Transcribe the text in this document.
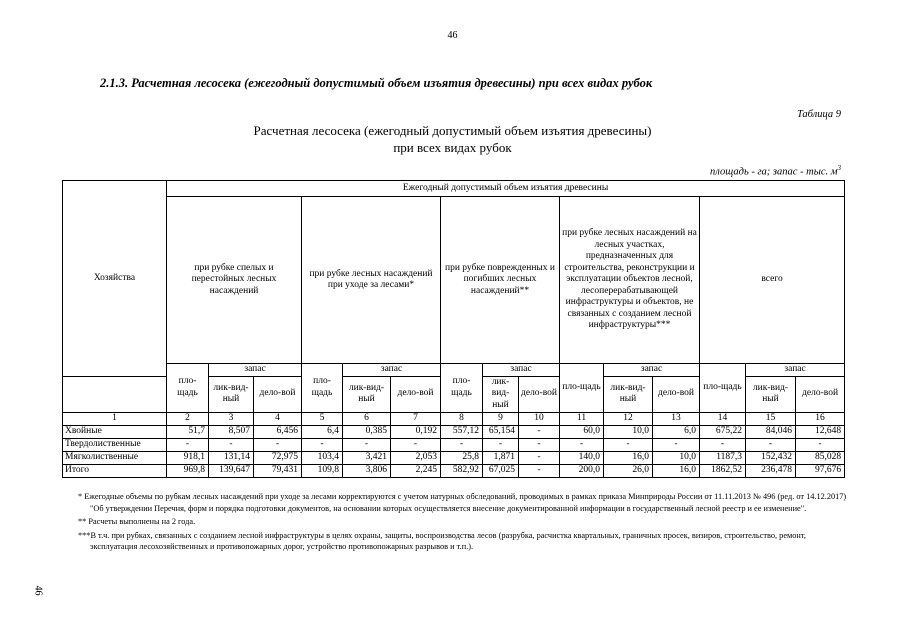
46
46
2.1.3. Расчетная лесосека (ежегодный допустимый объем изъятия древесины) при всех видах рубок
Таблица 9
Расчетная лесосека (ежегодный допустимый объем изъятия древесины)
при всех видах рубок
площадь - га; запас - тыс. $м^3$
Хозяйства	Ежегодный допустимый объем изъятия древесины														
	при рубке спелых и перестойных лесных насаждений			при рубке лесных насаждений при уходе за лесами*			при рубке поврежденных и погибших лесных насаждений**			при рубке лесных насаждений на лесных участках, предназначенных для строительства, реконструкции и эксплуатации объектов лесной, лесоперерабатывающей инфраструктуры и объектов, не связанных с созданием лесной инфраструктуры***			всего		
	пло-щадь	запас		пло-щадь	запас		пло-щадь	запас		пло-щадь	запас		пло-щадь	запас	
		лик-вид-ный	дело-вой		лик-вид-ный	дело-вой		лик-вид-ный	дело-вой		лик-вид-ный	дело-вой		лик-вид-ный	дело-вой
1	2	3	4	5	6	7	8	9	10	11	12	13	14	15	16
Хвойные	51,7	8,507	6,456	6,4	0,385	0,192	557,12	65,154	-	60,0	10,0	6,0	675,22	84,046	12,648
Твердолиственные	-	-	-	-	-	-	-	-	-	-	-	-	-	-	-
Мягколиственные	918,1	131,14	72,975	103,4	3,421	2,053	25,8	1,871	-	140,0	16,0	10,0	1187,3	152,432	85,028
Итого	969,8	139,647	79,431	109,8	3,806	2,245	582,92	67,025	-	200,0	26,0	16,0	1862,52	236,478	97,676

* Ежегодные объемы по рубкам лесных насаждений при уходе за лесами корректируются с учетом натурных обследований, проводимых в рамках приказа Минприроды России от 11.11.2013 № 496 (ред. от 14.12.2017) "Об утверждении Перечня, форм и порядка подготовки документов, на основании которых осуществляется внесение документированной информации в государственный лесной реестр и ее изменение".

** Расчеты выполнены на 2 года.

***В т.ч. при рубках, связанных с созданием лесной инфраструктуры в целях охраны, защиты, воспроизводства лесов (разрубка, расчистка квартальных, граничных просек, визиров, строительство, ремонт, эксплуатация лесохозяйственных и противопожарных дорог, устройство противопожарных разрывов и т.п.).
